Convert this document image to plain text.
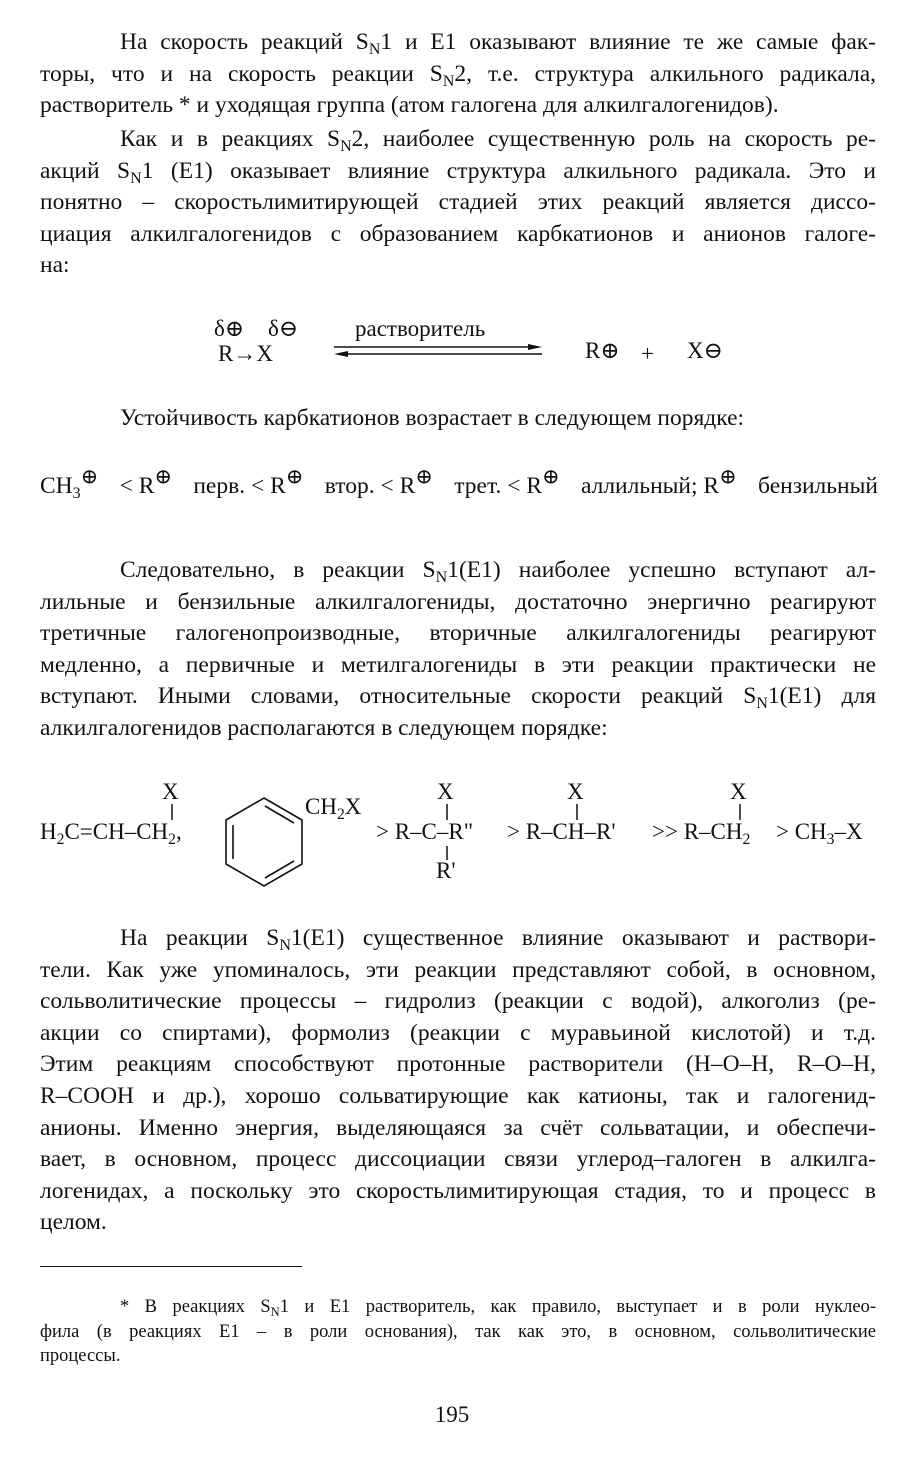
На скорость реакций $S_N1$ и E1 оказывают влияние те же самые фак-
торы, что и на скорость реакции $S_N2$, т.е. структура алкильного радикала,
растворитель * и уходящая группа (атом галогена для алкилгалогенидов).

Как и в реакциях $S_N2$, наиболее существенную роль на скорость ре-
акций $S_N1$ (E1) оказывает влияние структура алкильного радикала. Это и
понятно – скоростьлимитирующей стадией этих реакций является диссо-
циация алкилгалогенидов с образованием карбкатионов и анионов галоге-
на:

δ⊕ δ⊖
R→X
растворитель
R⊕ + X⊖
Устойчивость карбкатионов возрастает в следующем порядке:
$CH_3\oplus$ < R⊕ перв. < R⊕ втор. < R⊕ трет. < R⊕ аллильный; R⊕ бензильный

Следовательно, в реакции $S_N1(E1)$ наиболее успешно вступают ал-
лильные и бензильные алкилгалогениды, достаточно энергично реагируют
третичные галогенопроизводные, вторичные алкилгалогениды реагируют
медленно, а первичные и метилгалогениды в эти реакции практически не
вступают. Иными словами, относительные скорости реакций $S_N1(E1)$ для
алкилгалогенидов располагаются в следующем порядке:

X
$H_2C=CH-CH_2$,
$CH_2X$
X
> R–C–R"
R'
X
> R–CH–R'
X
>> $R-CH_2 > CH_3-X$

На реакции $S_N1(E1)$ существенное влияние оказывают и раствори-
тели. Как уже упоминалось, эти реакции представляют собой, в основном,
сольволитические процессы – гидролиз (реакции с водой), алкоголиз (ре-
акции со спиртами), формолиз (реакции с муравьиной кислотой) и т.д.
Этим реакциям способствуют протонные растворители (H–O–H, R–O–H,
R–COOH и др.), хорошо сольватирующие как катионы, так и галогенид-
анионы. Именно энергия, выделяющаяся за счёт сольватации, и обеспечи-
вает, в основном, процесс диссоциации связи углерод–галоген в алкилга-
логенидах, а поскольку это скоростьлимитирующая стадия, то и процесс в
целом.

* В реакциях $S_N1$ и E1 растворитель, как правило, выступает и в роли нуклео-
фила (в реакциях E1 – в роли основания), так как это, в основном, сольволитические
процессы.

195
